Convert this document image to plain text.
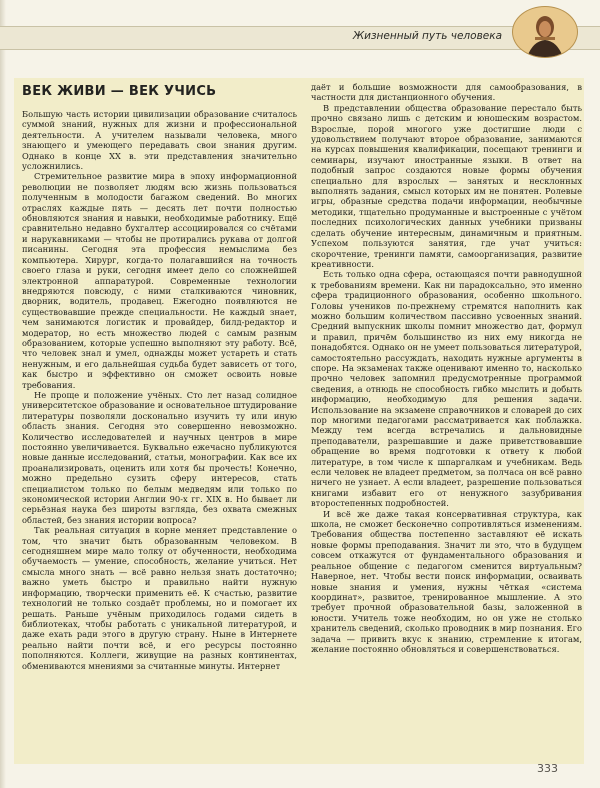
Жизненный путь человека
ВЕК ЖИВИ — ВЕК УЧИСЬ

Большую часть истории цивилизации образование считалось суммой знаний, нужных для жизни и профессиональной деятельности. А учителем называли человека, много знающего и умеющего передавать свои знания другим. Однако в конце XX в. эти представления значительно усложнились.

Стремительное развитие мира в эпоху информационной революции не позволяет людям всю жизнь пользоваться полученным в молодости багажом сведений. Во многих отраслях каждые пять — десять лет почти полностью обновляются знания и навыки, необходимые работнику. Ещё сравнительно недавно бухгалтер ассоциировался со счётами и нарукавниками — чтобы не протирались рукава от долгой писанины. Сегодня эта профессия немыслима без компьютера. Хирург, когда-то полагавшийся на точность своего глаза и руки, сегодня имеет дело со сложнейшей электронной аппаратурой. Современные технологии внедряются повсюду, с ними сталкиваются чиновник, дворник, водитель, продавец. Ежегодно появляются не существовавшие прежде специальности. Не каждый знает, чем занимаются логистик и провайдер, билд-редактор и модератор, но есть множество людей с самым разным образованием, которые успешно выполняют эту работу. Всё, что человек знал и умел, однажды может устареть и стать ненужным, и его дальнейшая судьба будет зависеть от того, как быстро и эффективно он сможет освоить новые требования.

Не проще и положение учёных. Сто лет назад солидное университетское образование и основательное штудирование литературы позволяли досконально изучить ту или иную область знания. Сегодня это совершенно невозможно. Количество исследователей и научных центров в мире постоянно увеличивается. Буквально ежечасно публикуются новые данные исследований, статьи, монографии. Как все их проанализировать, оценить или хотя бы прочесть! Конечно, можно предельно сузить сферу интересов, стать специалистом только по белым медведям или только по экономической истории Англии 90-х гг. XIX в. Но бывает ли серьёзная наука без широты взгляда, без охвата смежных областей, без знания истории вопроса?

Так реальная ситуация в корне меняет представление о том, что значит быть образованным человеком. В сегодняшнем мире мало толку от обученности, необходима обучаемость — умение, способность, желание учиться. Нет смысла много знать — всё равно нельзя знать достаточно; важно уметь быстро и правильно найти нужную информацию, творчески применить её. К счастью, развитие технологий не только создаёт проблемы, но и помогает их решать. Раньше учёным приходилось годами сидеть в библиотеках, чтобы работать с уникальной литературой, и даже ехать ради этого в другую страну. Ныне в Интернете реально найти почти всё, и его ресурсы постоянно пополняются. Коллеги, живущие на разных континентах, обмениваются мнениями за считанные минуты. Интернет

даёт и большие возможности для самообразования, в частности для дистанционного обучения.

В представлении общества образование перестало быть прочно связано лишь с детским и юношеским возрастом. Взрослые, порой многого уже достигшие люди с удовольствием получают второе образование, занимаются на курсах повышения квалификации, посещают тренинги и семинары, изучают иностранные языки. В ответ на подобный запрос создаются новые формы обучения специально для взрослых — занятых и несклонных выполнять задания, смысл которых им не понятен. Ролевые игры, образные средства подачи информации, необычные методики, тщательно продуманные и выстроенные с учётом последних психологических данных учебники призваны сделать обучение интересным, динамичным и приятным. Успехом пользуются занятия, где учат учиться: скорочтение, тренинги памяти, самоорганизация, развитие креативности.

Есть только одна сфера, остающаяся почти равнодушной к требованиям времени. Как ни парадоксально, это именно сфера традиционного образования, особенно школьного. Головы учеников по-прежнему стремятся наполнить как можно большим количеством пассивно усвоенных знаний. Средний выпускник школы помнит множество дат, формул и правил, причём большинство из них ему никогда не понадобятся. Однако он не умеет пользоваться литературой, самостоятельно рассуждать, находить нужные аргументы в споре. На экзаменах также оценивают именно то, насколько прочно человек запомнил предусмотренные программой сведения, а отнюдь не способность гибко мыслить и добыть информацию, необходимую для решения задачи. Использование на экзамене справочников и словарей до сих пор многими педагогами рассматривается как поблажка. Между тем всегда встречались и дальновидные преподаватели, разрешавшие и даже приветствовавшие обращение во время подготовки к ответу к любой литературе, в том числе к шпаргалкам и учебникам. Ведь если человек не владеет предметом, за полчаса он всё равно ничего не узнает. А если владеет, разрешение пользоваться книгами избавит его от ненужного зазубривания второстепенных подробностей.

И всё же даже такая консервативная структура, как школа, не сможет бесконечно сопротивляться изменениям. Требования общества постепенно заставляют её искать новые формы преподавания. Значит ли это, что в будущем совсем откажутся от фундаментального образования и реальное общение с педагогом сменится виртуальным? Наверное, нет. Чтобы вести поиск информации, осваивать новые знания и умения, нужны чёткая «система координат», развитое, тренированное мышление. А это требует прочной образовательной базы, заложенной в юности. Учитель тоже необходим, но он уже не столько хранитель сведений, сколько проводник в мир познания. Его задача — привить вкус к знанию, стремление к итогам, желание постоянно обновляться и совершенствоваться.

333
